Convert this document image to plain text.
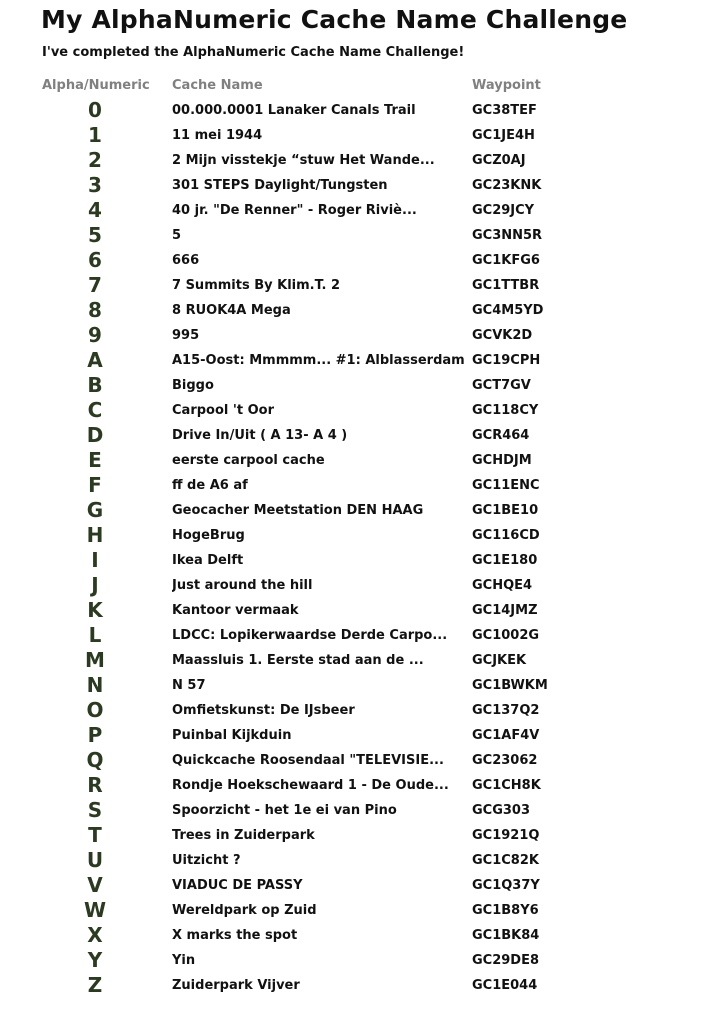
My AlphaNumeric Cache Name Challenge

I've completed the AlphaNumeric Cache Name Challenge!

Alpha/Numeric Cache Name	Waypoint
0	00.000.0001 Lanaker Canals Trail	GC38TEF
1	11 mei 1944	GC1JE4H
2	2 Mijn visstekje “stuw Het Wande...	GCZ0AJ
3	301 STEPS Daylight/Tungsten	GC23KNK
4	40 jr. "De Renner" - Roger Riviè...	GC29JCY
5	5	GC3NN5R
6	666	GC1KFG6
7	7 Summits By Klim.T. 2	GC1TTBR
8	8 RUOK4A Mega	GC4M5YD
9	995	GCVK2D
A	A15-Oost: Mmmmm... #1: Alblasserdam GC19CPH
B	Biggo	GCT7GV
C	Carpool 't Oor	GC118CY
D	Drive In/Uit ( A 13- A 4 )	GCR464
E	eerste carpool cache	GCHDJM
F	ff de A6 af	GC11ENC
G	Geocacher Meetstation DEN HAAG	GC1BE10
H	HogeBrug	GC116CD
I	Ikea Delft	GC1E180
J	Just around the hill	GCHQE4
K	Kantoor vermaak	GC14JMZ
L	LDCC: Lopikerwaardse Derde Carpo...	GC1002G
M	Maassluis 1. Eerste stad aan de ...	GCJKEK
N	N 57	GC1BWKM
O	Omfietskunst: De IJsbeer	GC137Q2
P	Puinbal Kijkduin	GC1AF4V
Q	Quickcache Roosendaal "TELEVISIE...	GC23062
R	Rondje Hoekschewaard 1 - De Oude...	GC1CH8K
S	Spoorzicht - het 1e ei van Pino	GCG303
T	Trees in Zuiderpark	GC1921Q
U	Uitzicht ?	GC1C82K
V	VIADUC DE PASSY	GC1Q37Y
W	Wereldpark op Zuid	GC1B8Y6
X	X marks the spot	GC1BK84
Y	Yin	GC29DE8
Z	Zuiderpark Vijver	GC1E044
